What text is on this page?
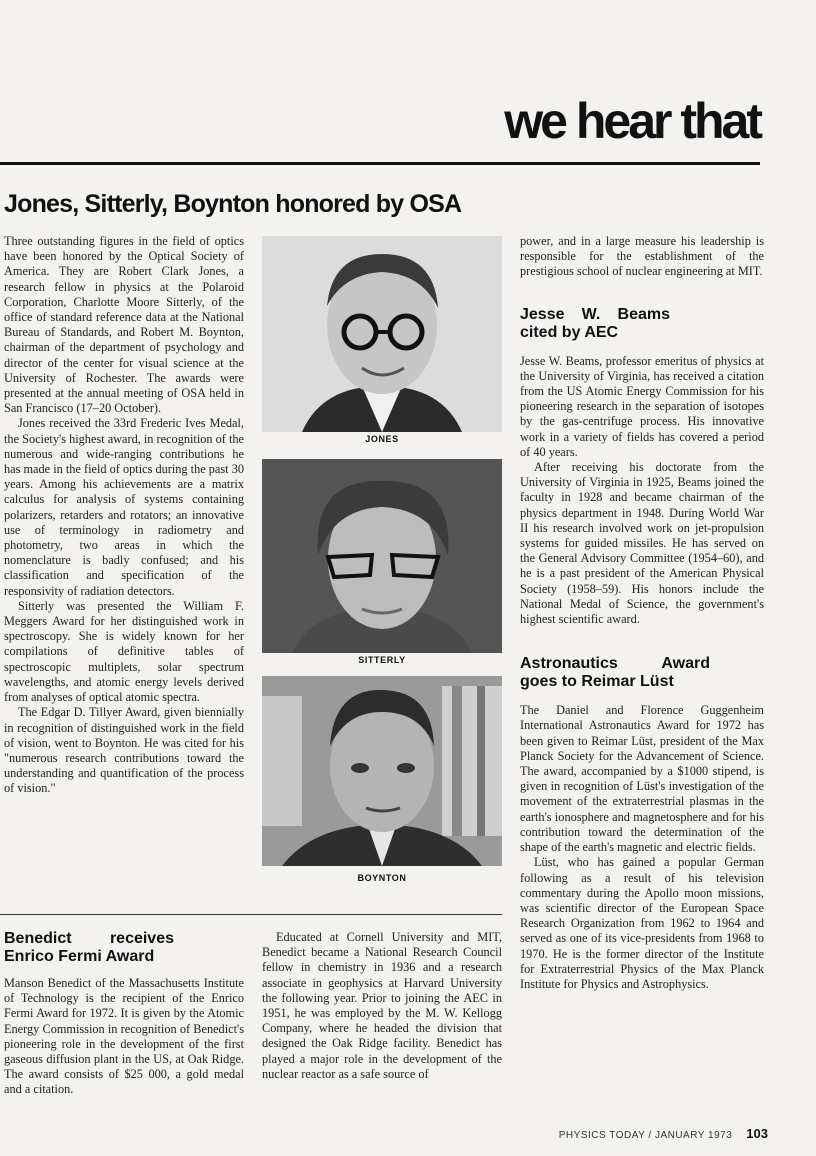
we hear that
Jones, Sitterly, Boynton honored by OSA

Three outstanding figures in the field of optics have been honored by the Optical Society of America. They are Robert Clark Jones, a research fellow in physics at the Polaroid Corporation, Charlotte Moore Sitterly, of the office of standard reference data at the National Bureau of Standards, and Robert M. Boynton, chairman of the department of psychology and director of the center for visual science at the University of Rochester. The awards were presented at the annual meeting of OSA held in San Francisco (17–20 October).

Jones received the 33rd Frederic Ives Medal, the Society's highest award, in recognition of the numerous and wide-ranging contributions he has made in the field of optics during the past 30 years. Among his achievements are a matrix calculus for analysis of systems containing polarizers, retarders and rotators; an innovative use of terminology in radiometry and photometry, two areas in which the nomenclature is badly confused; and his classification and specification of the responsivity of radiation detectors.

Sitterly was presented the William F. Meggers Award for her distinguished work in spectroscopy. She is widely known for her compilations of definitive tables of spectroscopic multiplets, solar spectrum wavelengths, and atomic energy levels derived from analyses of optical atomic spectra.

The Edgar D. Tillyer Award, given biennially in recognition of distinguished work in the field of vision, went to Boynton. He was cited for his "numerous research contributions toward the understanding and quantification of the process of vision."

JONES
SITTERLY
BOYNTON

power, and in a large measure his leadership is responsible for the establishment of the prestigious school of nuclear engineering at MIT.

Jesse W. Beams cited by AEC

Jesse W. Beams, professor emeritus of physics at the University of Virginia, has received a citation from the US Atomic Energy Commission for his pioneering research in the separation of isotopes by the gas-centrifuge process. His innovative work in a variety of fields has covered a period of 40 years.

After receiving his doctorate from the University of Virginia in 1925, Beams joined the faculty in 1928 and became chairman of the physics department in 1948. During World War II his research involved work on jet-propulsion systems for guided missiles. He has served on the General Advisory Committee (1954–60), and he is a past president of the American Physical Society (1958–59). His honors include the National Medal of Science, the government's highest scientific award.

Astronautics Award goes to Reimar Lüst

The Daniel and Florence Guggenheim International Astronautics Award for 1972 has been given to Reimar Lüst, president of the Max Planck Society for the Advancement of Science. The award, accompanied by a $1000 stipend, is given in recognition of Lüst's investigation of the movement of the extraterrestrial plasmas in the earth's ionosphere and magnetosphere and for his contribution toward the determination of the shape of the earth's magnetic and electric fields.

Lüst, who has gained a popular German following as a result of his television commentary during the Apollo moon missions, was scientific director of the European Space Research Organization from 1962 to 1964 and served as one of its vice-presidents from 1968 to 1970. He is the former director of the Institute for Extraterrestrial Physics of the Max Planck Institute for Physics and Astrophysics.

Benedict receives Enrico Fermi Award

Manson Benedict of the Massachusetts Institute of Technology is the recipient of the Enrico Fermi Award for 1972. It is given by the Atomic Energy Commission in recognition of Benedict's pioneering role in the development of the first gaseous diffusion plant in the US, at Oak Ridge. The award consists of $25 000, a gold medal and a citation.

Educated at Cornell University and MIT, Benedict became a National Research Council fellow in chemistry in 1936 and a research associate in geophysics at Harvard University the following year. Prior to joining the AEC in 1951, he was employed by the M. W. Kellogg Company, where he headed the division that designed the Oak Ridge facility. Benedict has played a major role in the development of the nuclear reactor as a safe source of

PHYSICS TODAY / JANUARY 1973 103
